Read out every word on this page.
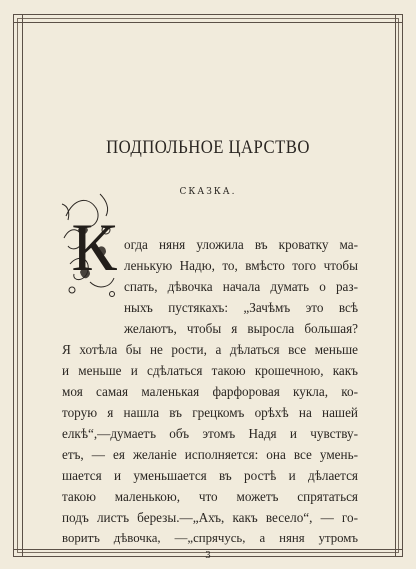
ПОДПОЛЬНОЕ ЦАРСТВО
СКАЗКА.
К огда няня уложила въ кроватку ма-
ленькую Надю, то, вмѣсто того чтобы
спать, дѣвочка начала думать о раз-
ныхъ пустякахъ: „Зачѣмъ это всѣ
желаютъ, чтобы я выросла большая?
Я хотѣла бы не рости, а дѣлаться все меньше
и меньше и сдѣлаться такою крошечною, какъ
моя самая маленькая фарфоровая кукла, ко-
торую я нашла въ грецкомъ орѣхѣ на нашей
елкѣ“,—думаетъ объ этомъ Надя и чувству-
етъ, — ея желаніе исполняется: она все умень-
шается и уменьшается въ ростѣ и дѣлается
такою маленькою, что можетъ спрятаться
подъ листъ березы.—„Ахъ, какъ весело“, — го-
воритъ дѣвочка, —„спрячусь, а няня утромъ
3
